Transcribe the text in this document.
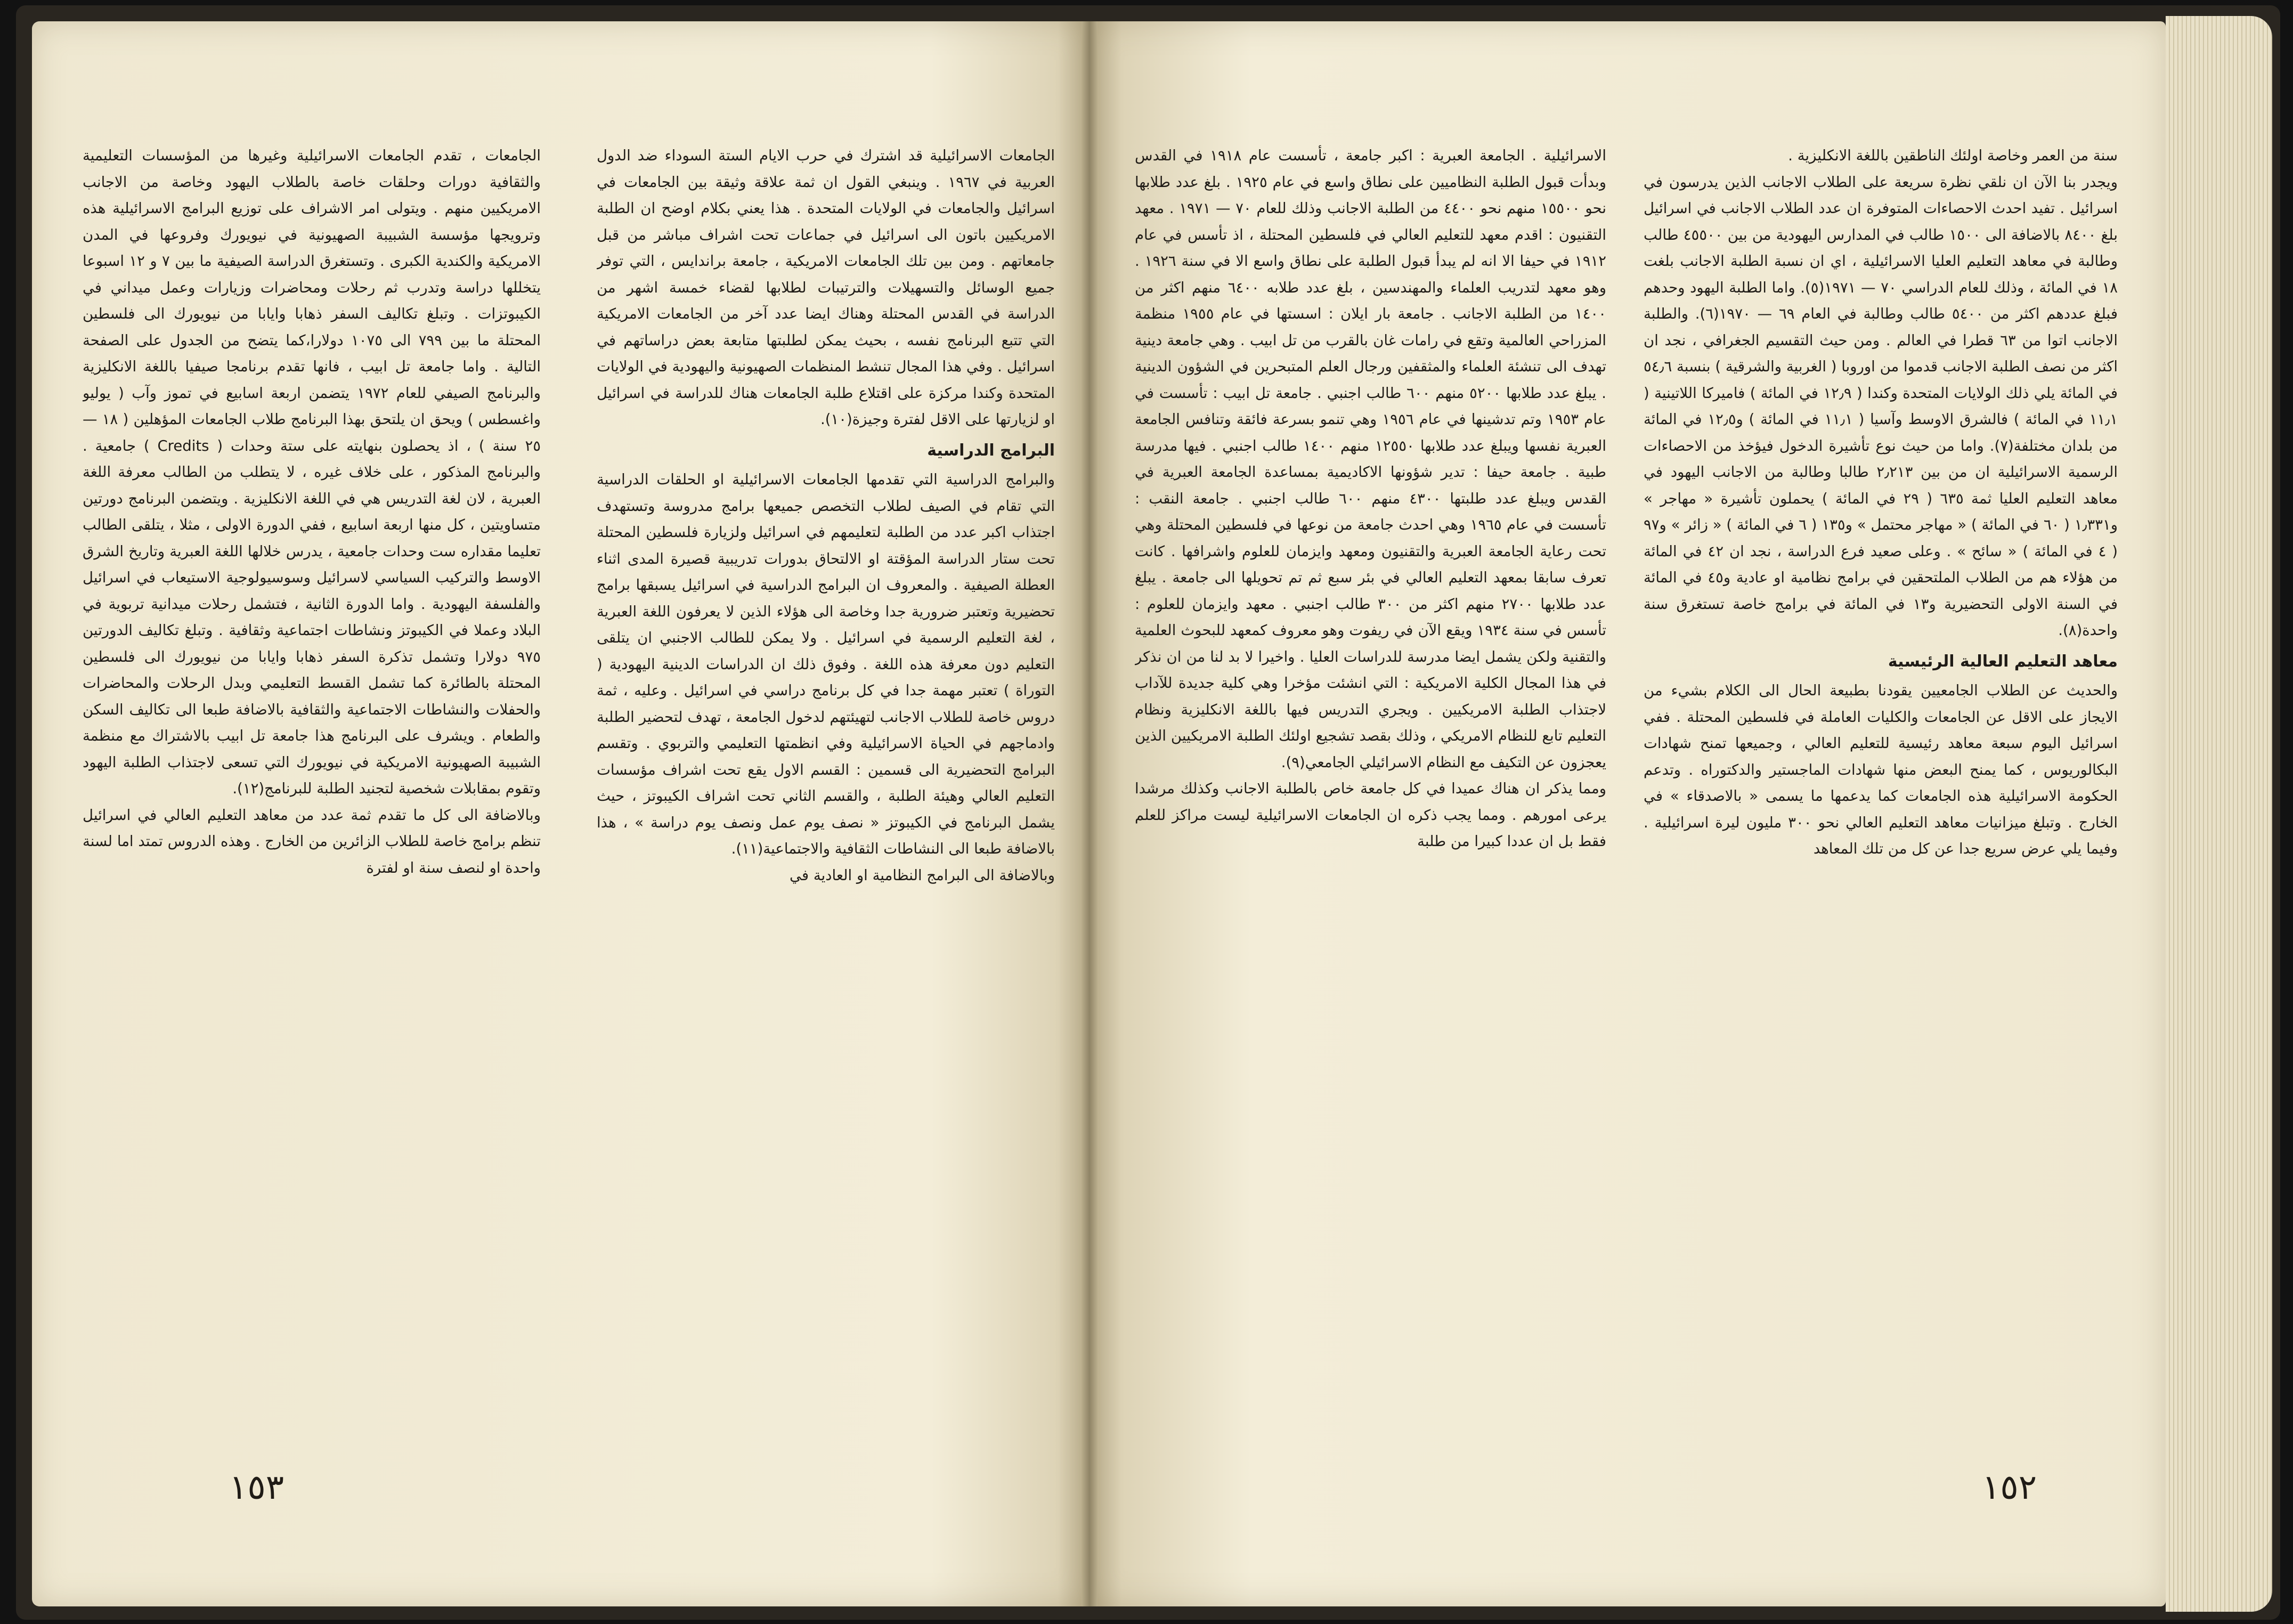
الجامعات ، تقدم الجامعات الاسرائيلية وغيرها من المؤسسات التعليمية والثقافية دورات وحلقات خاصة بالطلاب اليهود وخاصة من الاجانب الامريكيين منهم . ويتولى امر الاشراف على توزيع البرامج الاسرائيلية هذه وترويجها مؤسسة الشبيبة الصهيونية في نيويورك وفروعها في المدن الامريكية والكندية الكبرى . وتستغرق الدراسة الصيفية ما بين ٧ و ١٢ اسبوعا يتخللها دراسة وتدرب ثم رحلات ومحاضرات وزيارات وعمل ميداني في الكيبوتزات . وتبلغ تكاليف السفر ذهابا وايابا من نيويورك الى فلسطين المحتلة ما بين ٧٩٩ الى ١٠٧٥ دولارا،كما يتضح من الجدول على الصفحة التالية . واما جامعة تل ابيب ، فانها تقدم برنامجا صيفيا باللغة الانكليزية والبرنامج الصيفي للعام ١٩٧٢ يتضمن اربعة اسابيع في تموز وآب ( يوليو واغسطس ) ويحق ان يلتحق بهذا البرنامج طلاب الجامعات المؤهلين ( ١٨ — ٢٥ سنة ) ، اذ يحصلون بنهايته على ستة وحدات ( Credits ) جامعية . والبرنامج المذكور ، على خلاف غيره ، لا يتطلب من الطالب معرفة اللغة العبرية ، لان لغة التدريس هي في اللغة الانكليزية . ويتضمن البرنامج دورتين متساويتين ، كل منها اربعة اسابيع ، ففي الدورة الاولى ، مثلا ، يتلقى الطالب تعليما مقداره ست وحدات جامعية ، يدرس خلالها اللغة العبرية وتاريخ الشرق الاوسط والتركيب السياسي لاسرائيل وسوسيولوجية الاستيعاب في اسرائيل والفلسفة اليهودية . واما الدورة الثانية ، فتشمل رحلات ميدانية تربوية في البلاد وعملا في الكيبوتز ونشاطات اجتماعية وثقافية . وتبلغ تكاليف الدورتين ٩٧٥ دولارا وتشمل تذكرة السفر ذهابا وايابا من نيويورك الى فلسطين المحتلة بالطائرة كما تشمل القسط التعليمي وبدل الرحلات والمحاضرات والحفلات والنشاطات الاجتماعية والثقافية بالاضافة طبعا الى تكاليف السكن والطعام . ويشرف على البرنامج هذا جامعة تل ابيب بالاشتراك مع منظمة الشبيبة الصهيونية الامريكية في نيويورك التي تسعى لاجتذاب الطلبة اليهود وتقوم بمقابلات شخصية لتجنيد الطلبة للبرنامج(١٢).

وبالاضافة الى كل ما تقدم ثمة عدد من معاهد التعليم العالي في اسرائيل تنظم برامج خاصة للطلاب الزائرين من الخارج . وهذه الدروس تمتد اما لسنة واحدة او لنصف سنة او لفترة

الجامعات الاسرائيلية قد اشترك في حرب الايام الستة السوداء ضد الدول العربية في ١٩٦٧ . وينبغي القول ان ثمة علاقة وثيقة بين الجامعات في اسرائيل والجامعات في الولايات المتحدة . هذا يعني بكلام اوضح ان الطلبة الامريكيين باتون الى اسرائيل في جماعات تحت اشراف مباشر من قبل جامعاتهم . ومن بين تلك الجامعات الامريكية ، جامعة براندايس ، التي توفر جميع الوسائل والتسهيلات والترتيبات لطلابها لقضاء خمسة اشهر من الدراسة في القدس المحتلة وهناك ايضا عدد آخر من الجامعات الامريكية التي تتبع البرنامج نفسه ، بحيث يمكن لطلبتها متابعة بعض دراساتهم في اسرائيل . وفي هذا المجال تنشط المنظمات الصهيونية واليهودية في الولايات المتحدة وكندا مركزة على اقتلاع طلبة الجامعات هناك للدراسة في اسرائيل او لزيارتها على الاقل لفترة وجيزة(١٠).

البرامج الدراسية

والبرامج الدراسية التي تقدمها الجامعات الاسرائيلية او الحلقات الدراسية التي تقام في الصيف لطلاب التخصص جميعها برامج مدروسة وتستهدف اجتذاب اكبر عدد من الطلبة لتعليمهم في اسرائيل ولزيارة فلسطين المحتلة تحت ستار الدراسة المؤقتة او الالتحاق بدورات تدريبية قصيرة المدى اثناء العطلة الصيفية . والمعروف ان البرامج الدراسية في اسرائيل يسبقها برامج تحضيرية وتعتبر ضرورية جدا وخاصة الى هؤلاء الذين لا يعرفون اللغة العبرية ، لغة التعليم الرسمية في اسرائيل . ولا يمكن للطالب الاجنبي ان يتلقى التعليم دون معرفة هذه اللغة . وفوق ذلك ان الدراسات الدينية اليهودية ( التوراة ) تعتبر مهمة جدا في كل برنامج دراسي في اسرائيل . وعليه ، ثمة دروس خاصة للطلاب الاجانب لتهيئتهم لدخول الجامعة ، تهدف لتحضير الطلبة وادماجهم في الحياة الاسرائيلية وفي انظمتها التعليمي والتربوي . وتقسم البرامج التحضيرية الى قسمين : القسم الاول يقع تحت اشراف مؤسسات التعليم العالي وهيئة الطلبة ، والقسم الثاني تحت اشراف الكيبوتز ، حيث يشمل البرنامج في الكيبوتز « نصف يوم عمل ونصف يوم دراسة » ، هذا بالاضافة طبعا الى النشاطات الثقافية والاجتماعية(١١).

وبالاضافة الى البرامج النظامية او العادية في

١٥٣

الاسرائيلية . الجامعة العبرية : اكبر جامعة ، تأسست عام ١٩١٨ في القدس وبدأت قبول الطلبة النظاميين على نطاق واسع في عام ١٩٢٥ . بلغ عدد طلابها نحو ١٥٥٠٠ منهم نحو ٤٤٠٠ من الطلبة الاجانب وذلك للعام ٧٠ — ١٩٧١ . معهد التقنيون : اقدم معهد للتعليم العالي في فلسطين المحتلة ، اذ تأسس في عام ١٩١٢ في حيفا الا انه لم يبدأ قبول الطلبة على نطاق واسع الا في سنة ١٩٢٦ . وهو معهد لتدريب العلماء والمهندسين ، بلغ عدد طلابه ٦٤٠٠ منهم اكثر من ١٤٠٠ من الطلبة الاجانب . جامعة بار ايلان : اسستها في عام ١٩٥٥ منظمة المزراحي العالمية وتقع في رامات غان بالقرب من تل ابيب . وهي جامعة دينية تهدف الى تنشئة العلماء والمثقفين ورجال العلم المتبحرين في الشؤون الدينية . يبلغ عدد طلابها ٥٢٠٠ منهم ٦٠٠ طالب اجنبي . جامعة تل ابيب : تأسست في عام ١٩٥٣ وتم تدشينها في عام ١٩٥٦ وهي تنمو بسرعة فائقة وتنافس الجامعة العبرية نفسها ويبلغ عدد طلابها ١٢٥٥٠ منهم ١٤٠٠ طالب اجنبي . فيها مدرسة طبية . جامعة حيفا : تدير شؤونها الاكاديمية بمساعدة الجامعة العبرية في القدس ويبلغ عدد طلبتها ٤٣٠٠ منهم ٦٠٠ طالب اجنبي . جامعة النقب : تأسست في عام ١٩٦٥ وهي احدث جامعة من نوعها في فلسطين المحتلة وهي تحت رعاية الجامعة العبرية والتقنيون ومعهد وايزمان للعلوم واشرافها . كانت تعرف سابقا بمعهد التعليم العالي في بئر سبع ثم تم تحويلها الى جامعة . يبلغ عدد طلابها ٢٧٠٠ منهم اكثر من ٣٠٠ طالب اجنبي . معهد وايزمان للعلوم : تأسس في سنة ١٩٣٤ ويقع الآن في ريفوت وهو معروف كمعهد للبحوث العلمية والتقنية ولكن يشمل ايضا مدرسة للدراسات العليا . واخيرا لا بد لنا من ان نذكر في هذا المجال الكلية الامريكية : التي انشئت مؤخرا وهي كلية جديدة للآداب لاجتذاب الطلبة الامريكيين . ويجري التدريس فيها باللغة الانكليزية ونظام التعليم تابع للنظام الامريكي ، وذلك بقصد تشجيع اولئك الطلبة الامريكيين الذين يعجزون عن التكيف مع النظام الاسرائيلي الجامعي(٩).

ومما يذكر ان هناك عميدا في كل جامعة خاص بالطلبة الاجانب وكذلك مرشدا يرعى امورهم . ومما يجب ذكره ان الجامعات الاسرائيلية ليست مراكز للعلم فقط بل ان عددا كبيرا من طلبة

سنة من العمر وخاصة اولئك الناطقين باللغة الانكليزية .

ويجدر بنا الآن ان نلقي نظرة سريعة على الطلاب الاجانب الذين يدرسون في اسرائيل . تفيد احدث الاحصاءات المتوفرة ان عدد الطلاب الاجانب في اسرائيل بلغ ٨٤٠٠ بالاضافة الى ١٥٠٠ طالب في المدارس اليهودية من بين ٤٥٥٠٠ طالب وطالبة في معاهد التعليم العليا الاسرائيلية ، اي ان نسبة الطلبة الاجانب بلغت ١٨ في المائة ، وذلك للعام الدراسي ٧٠ — ١٩٧١(٥). واما الطلبة اليهود وحدهم فبلغ عددهم اكثر من ٥٤٠٠ طالب وطالبة في العام ٦٩ — ١٩٧٠(٦). والطلبة الاجانب اتوا من ٦٣ قطرا في العالم . ومن حيث التقسيم الجغرافي ، نجد ان اكثر من نصف الطلبة الاجانب قدموا من اوروبا ( الغربية والشرقية ) بنسبة ٥٤٫٦ في المائة يلي ذلك الولايات المتحدة وكندا ( ١٢٫٩ في المائة ) فاميركا اللاتينية ( ١١٫١ في المائة ) فالشرق الاوسط وآسيا ( ١١٫١ في المائة ) و١٢٫٥ في المائة من بلدان مختلفة(٧). واما من حيث نوع تأشيرة الدخول فيؤخذ من الاحصاءات الرسمية الاسرائيلية ان من بين ٢٫٢١٣ طالبا وطالبة من الاجانب اليهود في معاهد التعليم العليا ثمة ٦٣٥ ( ٢٩ في المائة ) يحملون تأشيرة « مهاجر » و١٫٣٣١ ( ٦٠ في المائة ) « مهاجر محتمل » و١٣٥ ( ٦ في المائة ) « زائر » و٩٧ ( ٤ في المائة ) « سائح » . وعلى صعيد فرع الدراسة ، نجد ان ٤٢ في المائة من هؤلاء هم من الطلاب الملتحقين في برامج نظامية او عادية و٤٥ في المائة في السنة الاولى التحضيرية و١٣ في المائة في برامج خاصة تستغرق سنة واحدة(٨).

معاهد التعليم العالية الرئيسية

والحديث عن الطلاب الجامعيين يقودنا بطبيعة الحال الى الكلام بشيء من الايجاز على الاقل عن الجامعات والكليات العاملة في فلسطين المحتلة . ففي اسرائيل اليوم سبعة معاهد رئيسية للتعليم العالي ، وجميعها تمنح شهادات البكالوريوس ، كما يمنح البعض منها شهادات الماجستير والدكتوراه . وتدعم الحكومة الاسرائيلية هذه الجامعات كما يدعمها ما يسمى « بالاصدقاء » في الخارج . وتبلغ ميزانيات معاهد التعليم العالي نحو ٣٠٠ مليون ليرة اسرائيلية . وفيما يلي عرض سريع جدا عن كل من تلك المعاهد

١٥٢
